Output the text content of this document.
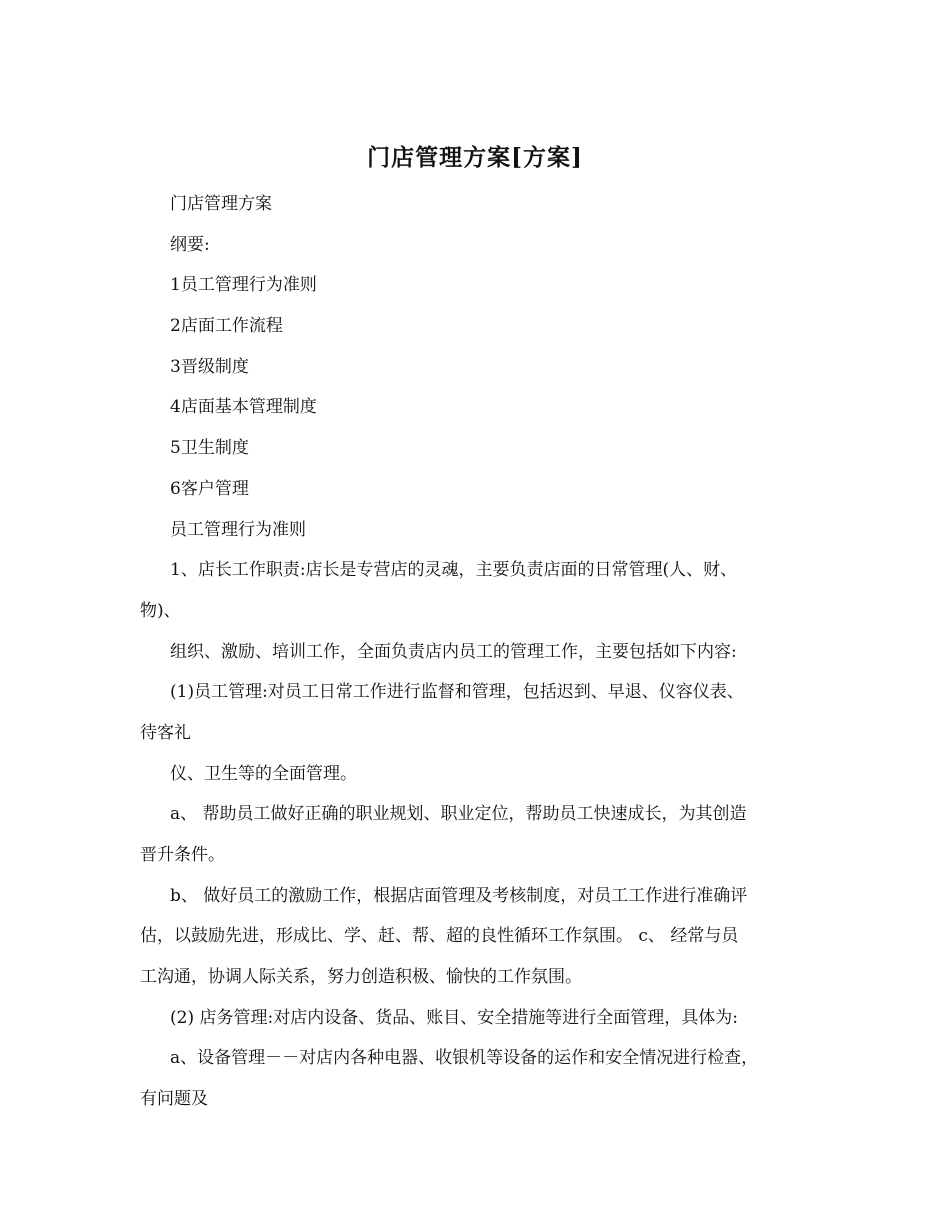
门店管理方案[方案]
门店管理方案
纲要:
1员工管理行为准则
2店面工作流程
3晋级制度
4店面基本管理制度
5卫生制度
6客户管理
员工管理行为准则
1、店长工作职责:店长是专营店的灵魂，主要负责店面的日常管理(人、财、
物)、
组织、激励、培训工作，全面负责店内员工的管理工作，主要包括如下内容:
(1)员工管理:对员工日常工作进行监督和管理，包括迟到、早退、仪容仪表、
待客礼
仪、卫生等的全面管理。
a、 帮助员工做好正确的职业规划、职业定位，帮助员工快速成长，为其创造
晋升条件。
b、 做好员工的激励工作，根据店面管理及考核制度，对员工工作进行准确评
估，以鼓励先进，形成比、学、赶、帮、超的良性循环工作氛围。 c、 经常与员
工沟通，协调人际关系，努力创造积极、愉快的工作氛围。
(2) 店务管理:对店内设备、货品、账目、安全措施等进行全面管理，具体为:
a、设备管理－－对店内各种电器、收银机等设备的运作和安全情况进行检查，
有问题及
